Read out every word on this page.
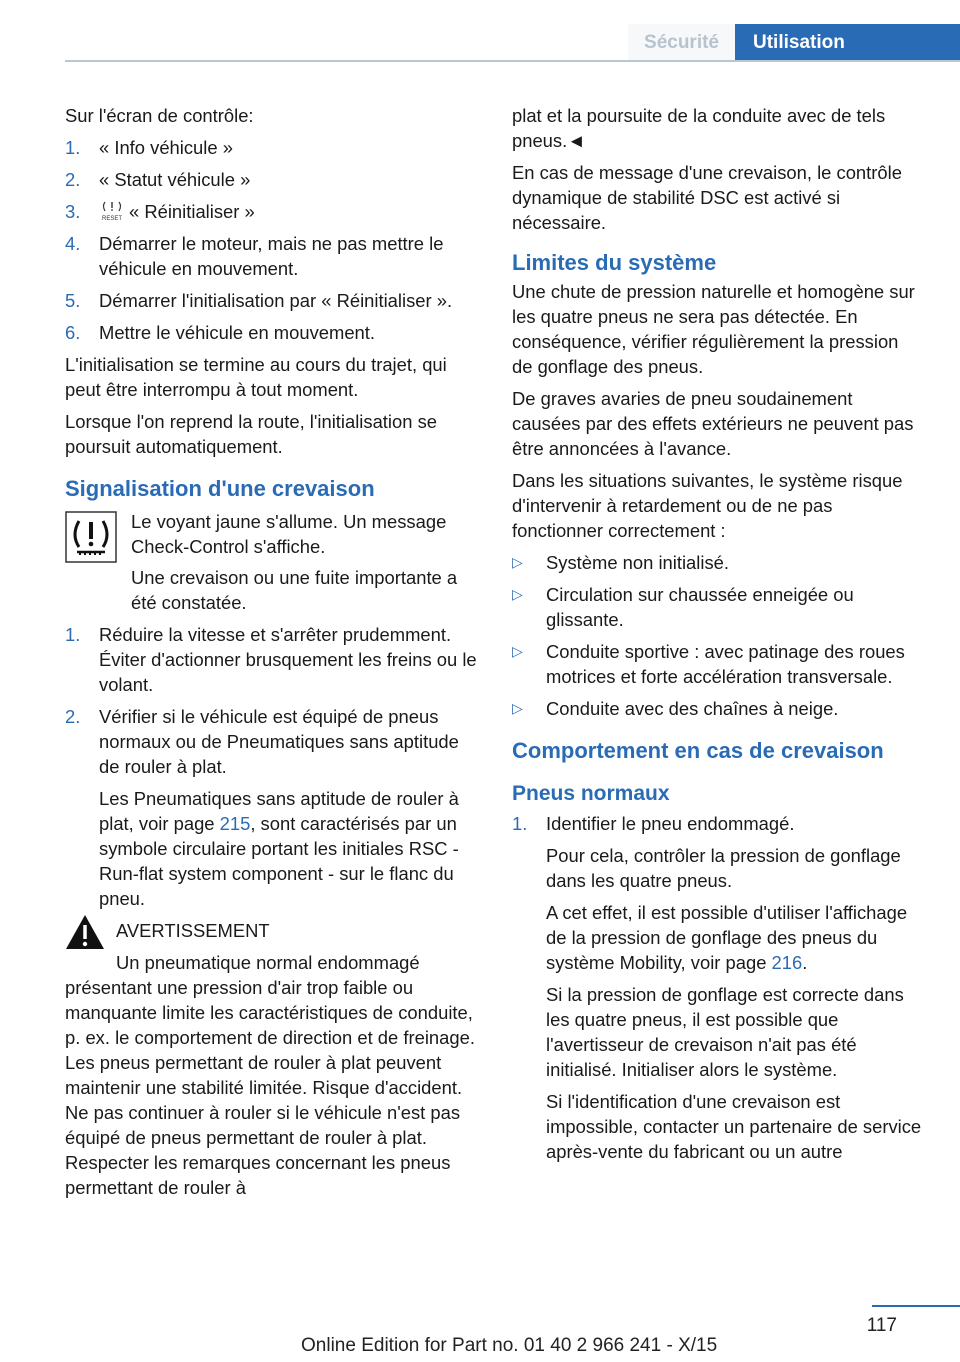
Sécurité	Utilisation

Sur l'écran de contrôle:

1. « Info véhicule »
2. « Statut véhicule »
3.	RESET « Réinitialiser »
4. Démarrer le moteur, mais ne pas mettre le véhicule en mouvement.
5. Démarrer l'initialisation par « Réinitialiser ».
6. Mettre le véhicule en mouvement.

L'initialisation se termine au cours du trajet, qui peut être interrompu à tout moment.

Lorsque l'on reprend la route, l'initialisation se poursuit automatiquement.

Signalisation d'une crevaison

Le voyant jaune s'allume. Un message Check-Control s'affiche.

Une crevaison ou une fuite importante a été constatée.

1. Réduire la vitesse et s'arrêter prudemment. Éviter d'actionner brusquement les freins ou le volant.
2. Vérifier si le véhicule est équipé de pneus normaux ou de Pneumatiques sans aptitude de rouler à plat.

Les Pneumatiques sans aptitude de rouler à plat, voir page 215, sont caractérisés par un symbole circulaire portant les initiales RSC - Run-flat system component - sur le flanc du pneu.

AVERTISSEMENT

Un pneumatique normal endommagé

présentant une pression d'air trop faible ou manquante limite les caractéristiques de conduite, p. ex. le comportement de direction et de freinage. Les pneus permettant de rouler à plat peuvent maintenir une stabilité limitée. Risque d'accident. Ne pas continuer à rouler si le véhicule n'est pas équipé de pneus permettant de rouler à plat. Respecter les remarques concernant les pneus permettant de rouler à

plat et la poursuite de la conduite avec de tels pneus.◄

En cas de message d'une crevaison, le contrôle dynamique de stabilité DSC est activé si nécessaire.

Limites du système

Une chute de pression naturelle et homogène sur les quatre pneus ne sera pas détectée. En conséquence, vérifier régulièrement la pression de gonflage des pneus.

De graves avaries de pneu soudainement causées par des effets extérieurs ne peuvent pas être annoncées à l'avance.

Dans les situations suivantes, le système risque d'intervenir à retardement ou de ne pas fonctionner correctement :

▷ Système non initialisé.
▷ Circulation sur chaussée enneigée ou glissante.
▷ Conduite sportive : avec patinage des roues motrices et forte accélération transversale.
▷ Conduite avec des chaînes à neige.
Comportement en cas de crevaison
Pneus normaux
1. Identifier le pneu endommagé.

Pour cela, contrôler la pression de gonflage dans les quatre pneus.

A cet effet, il est possible d'utiliser l'affichage de la pression de gonflage des pneus du système Mobility, voir page 216.

Si la pression de gonflage est correcte dans les quatre pneus, il est possible que l'avertisseur de crevaison n'ait pas été initialisé. Initialiser alors le système.

Si l'identification d'une crevaison est impossible, contacter un partenaire de service après-vente du fabricant ou un autre

117
Online Edition for Part no. 01 40 2 966 241 - X/15
